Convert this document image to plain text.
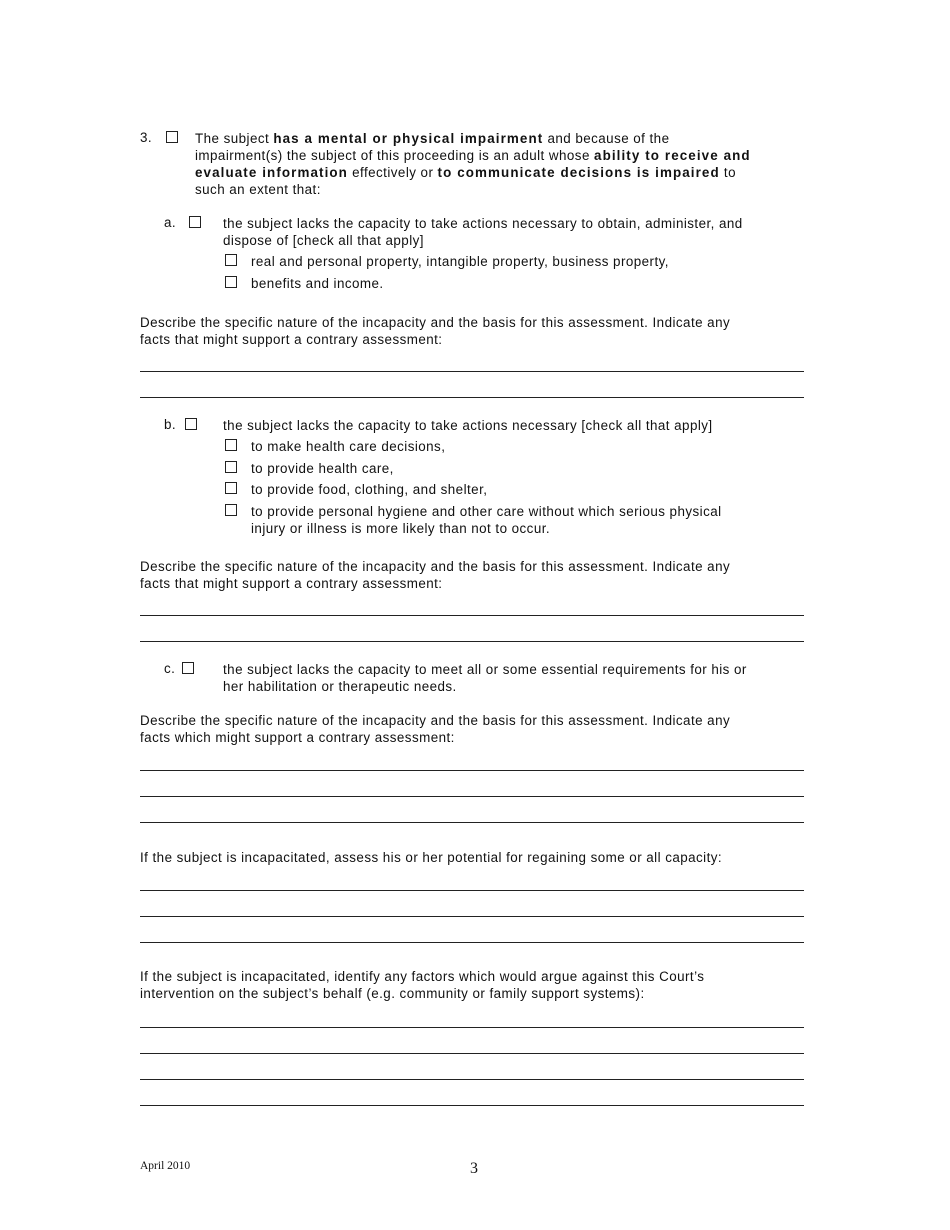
3.	The subject has a mental or physical impairment and because of the
impairment(s) the subject of this proceeding is an adult whose ability to receive and
evaluate information effectively or to communicate decisions is impaired to
such an extent that:
a.	the subject lacks the capacity to take actions necessary to obtain, administer, and
dispose of [check all that apply]
real and personal property, intangible property, business property,
benefits and income.
Describe the specific nature of the incapacity and the basis for this assessment. Indicate any
facts that might support a contrary assessment:
b.	the subject lacks the capacity to take actions necessary [check all that apply]
to make health care decisions,
to provide health care,
to provide food, clothing, and shelter,
to provide personal hygiene and other care without which serious physical
injury or illness is more likely than not to occur.
Describe the specific nature of the incapacity and the basis for this assessment. Indicate any
facts that might support a contrary assessment:
c.	the subject lacks the capacity to meet all or some essential requirements for his or
her habilitation or therapeutic needs.
Describe the specific nature of the incapacity and the basis for this assessment. Indicate any
facts which might support a contrary assessment:
If the subject is incapacitated, assess his or her potential for regaining some or all capacity:
If the subject is incapacitated, identify any factors which would argue against this Court’s
intervention on the subject’s behalf (e.g. community or family support systems):
April 2010	3
